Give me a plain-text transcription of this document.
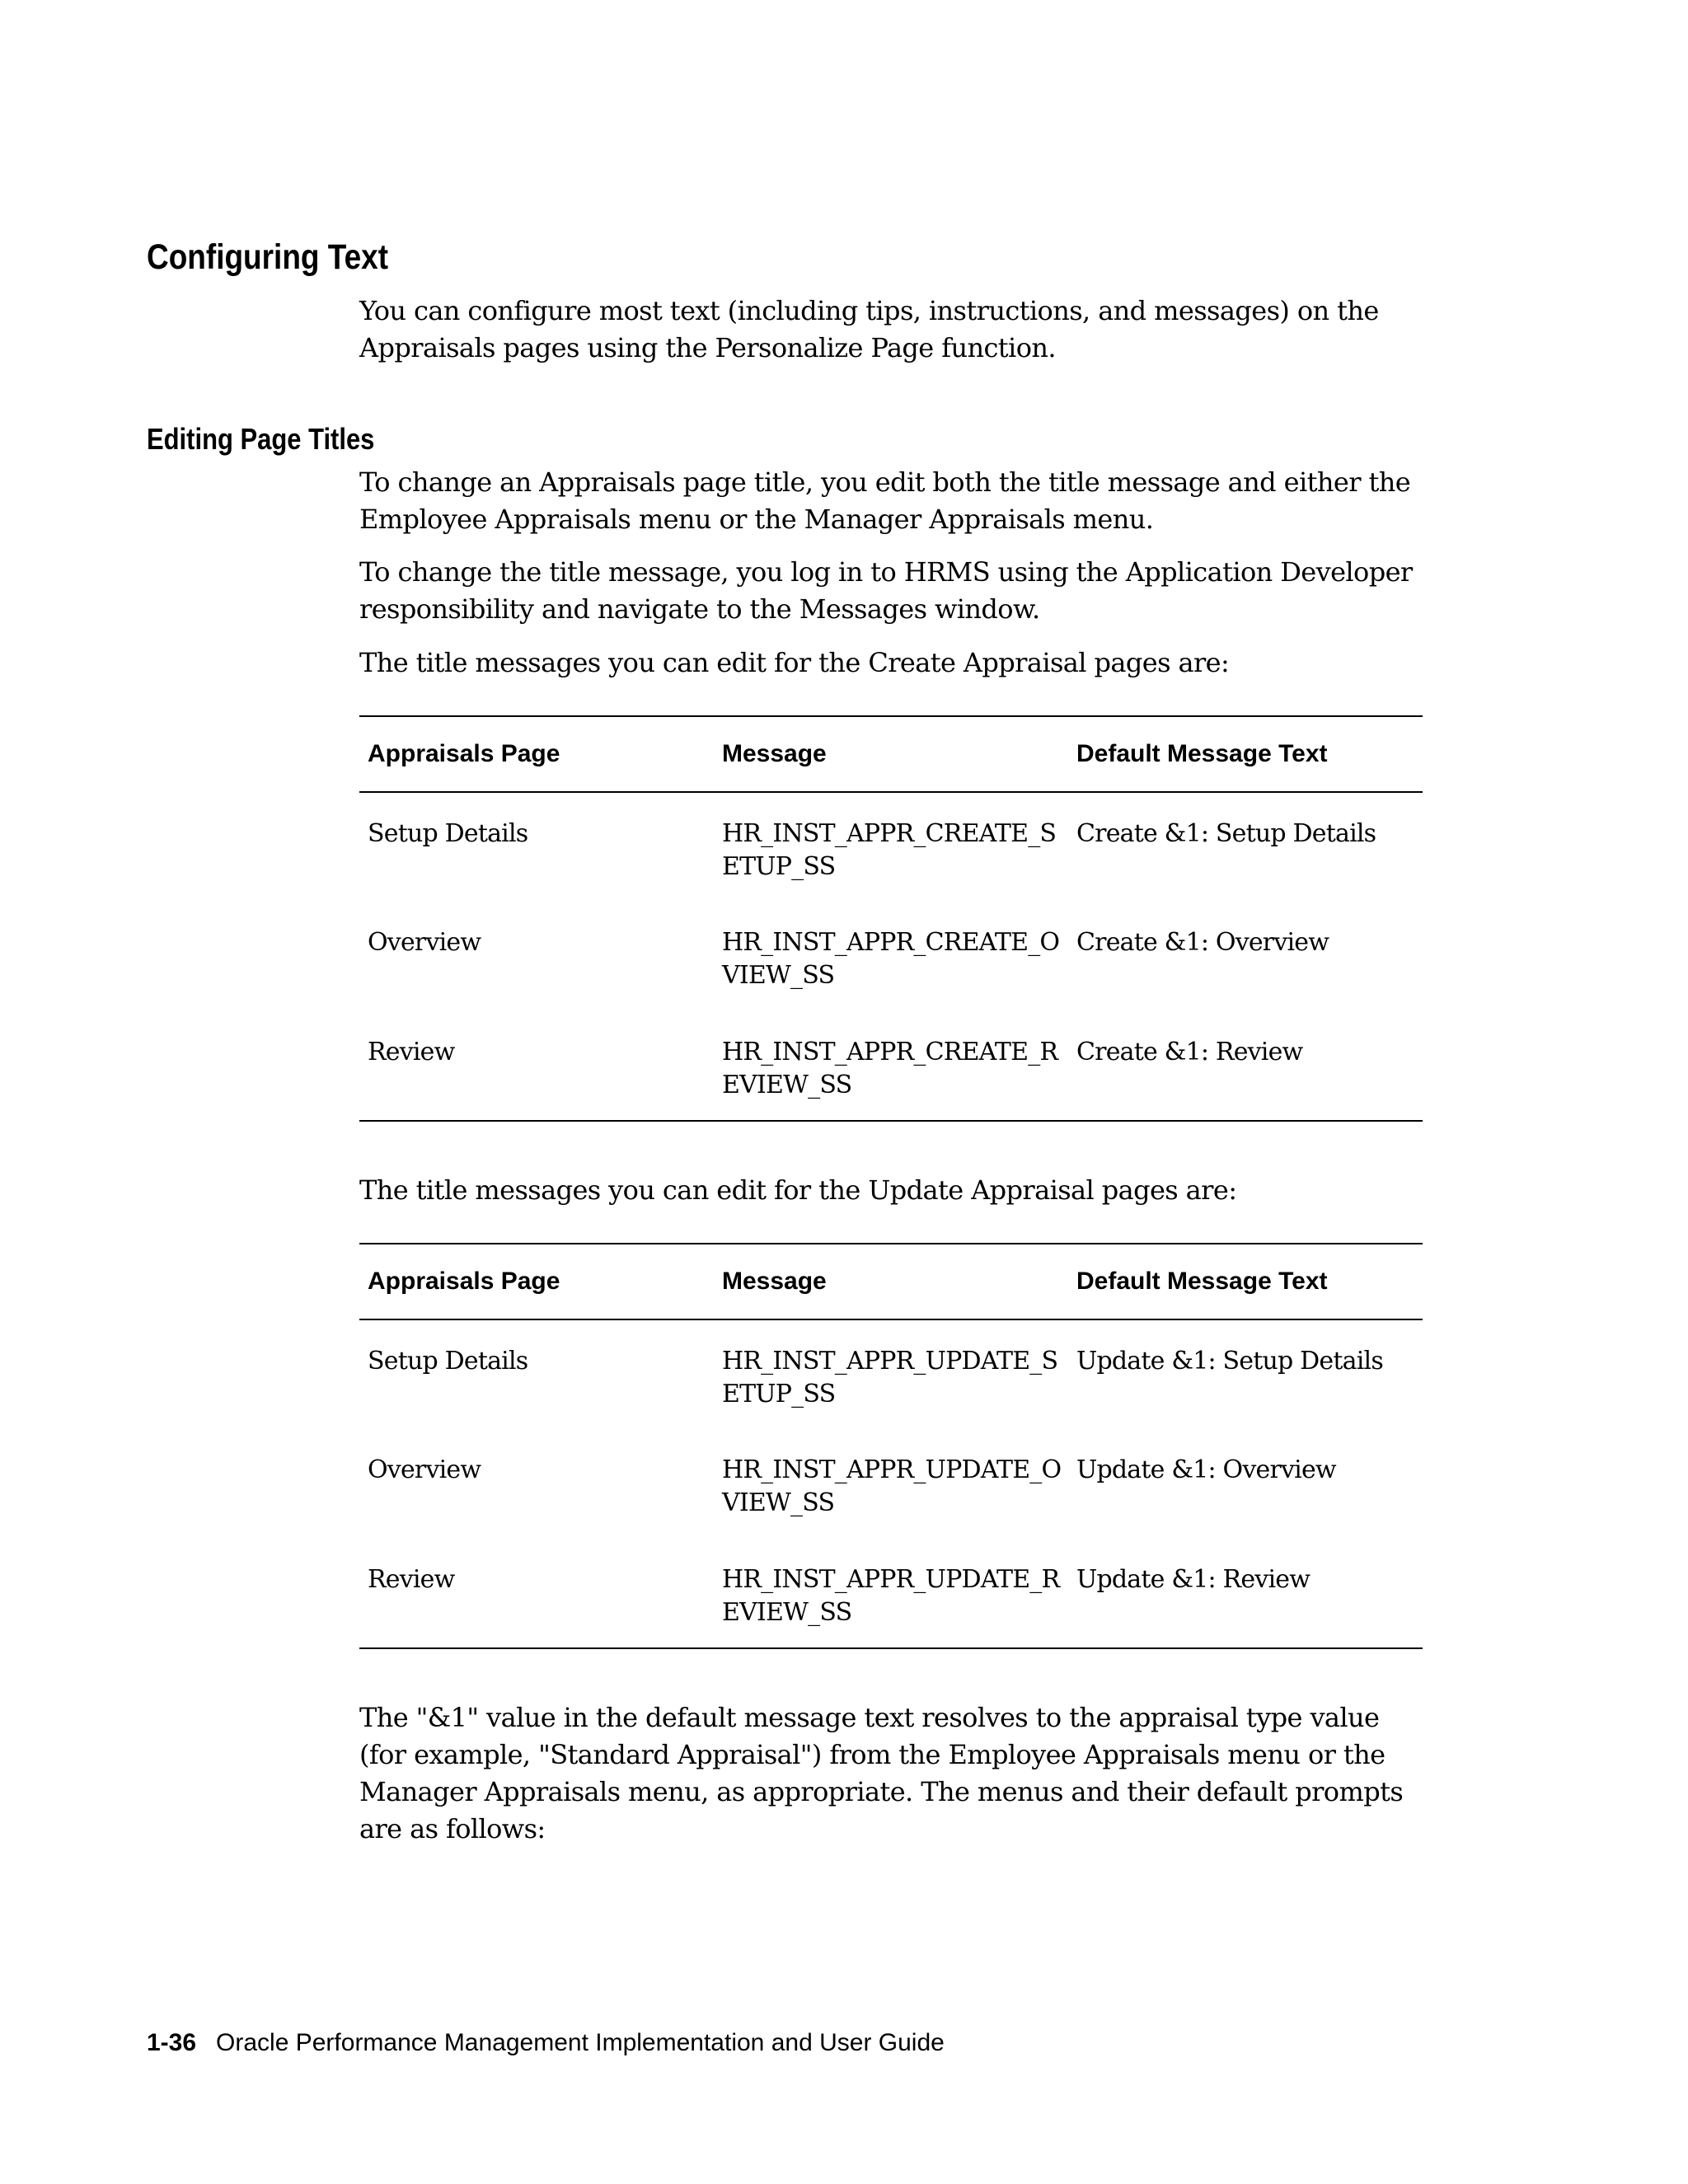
Configuring Text

You can configure most text (including tips, instructions, and messages) on the Appraisals pages using the Personalize Page function.

Editing Page Titles

To change an Appraisals page title, you edit both the title message and either the Employee Appraisals menu or the Manager Appraisals menu.

To change the title message, you log in to HRMS using the Application Developer responsibility and navigate to the Messages window.

The title messages you can edit for the Create Appraisal pages are:

Appraisals Page	Message	Default Message Text
Setup Details	HR_INST_APPR_CREATE_SETUP_SS	Create &1: Setup Details
Overview	HR_INST_APPR_CREATE_OVIEW_SS	Create &1: Overview
Review	HR_INST_APPR_CREATE_REVIEW_SS	Create &1: Review

The title messages you can edit for the Update Appraisal pages are:

Appraisals Page	Message	Default Message Text
Setup Details	HR_INST_APPR_UPDATE_SETUP_SS	Update &1: Setup Details
Overview	HR_INST_APPR_UPDATE_OVIEW_SS	Update &1: Overview
Review	HR_INST_APPR_UPDATE_REVIEW_SS	Update &1: Review

The "&1" value in the default message text resolves to the appraisal type value (for example, "Standard Appraisal") from the Employee Appraisals menu or the Manager Appraisals menu, as appropriate. The menus and their default prompts are as follows:

1-36 Oracle Performance Management Implementation and User Guide
